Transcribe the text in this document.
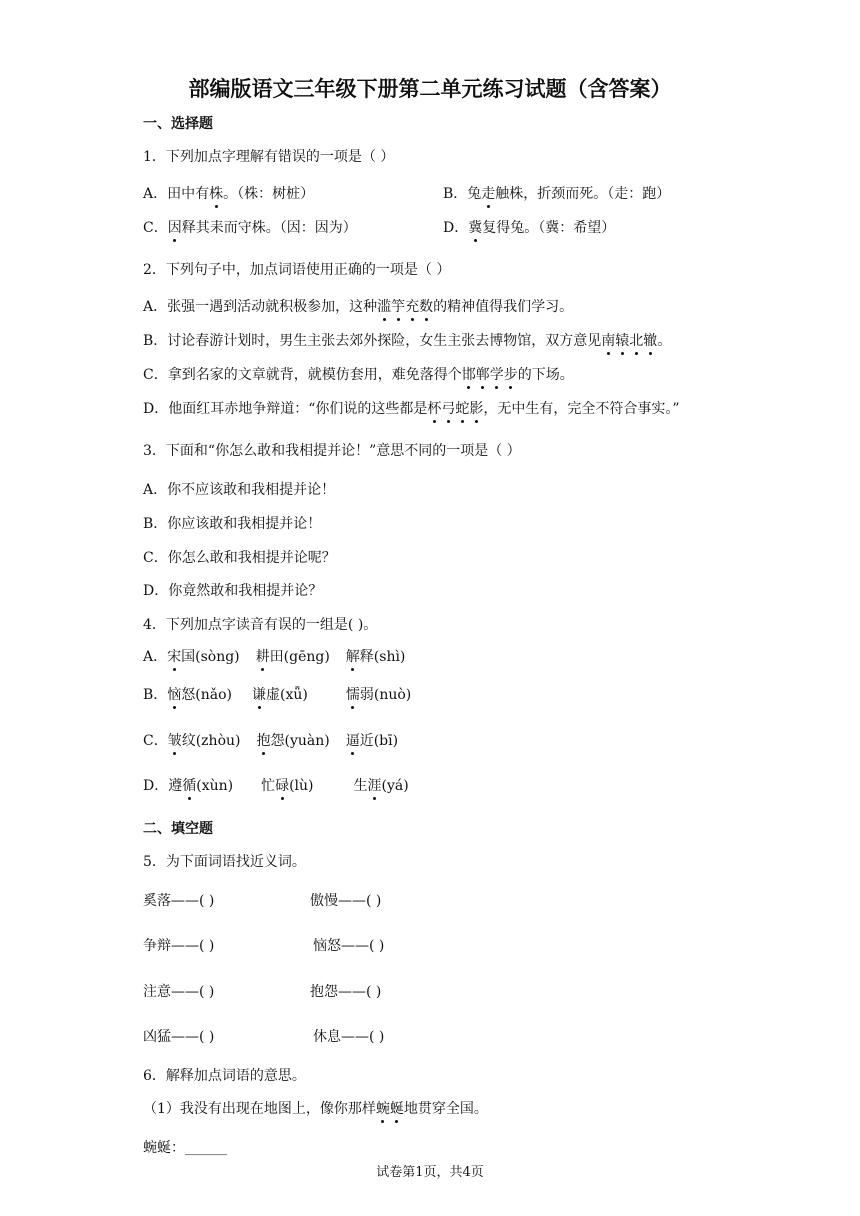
部编版语文三年级下册第二单元练习试题（含答案）
一、选择题
1．下列加点字理解有错误的一项是（ ）
A．田中有株。（株：树桩）	B．兔走触株，折颈而死。（走：跑）
C．因释其耒而守株。（因：因为）	D．冀复得兔。（冀：希望）
2．下列句子中，加点词语使用正确的一项是（ ）
A．张强一遇到活动就积极参加，这种滥竽充数的精神值得我们学习。
B．讨论春游计划时，男生主张去郊外探险，女生主张去博物馆，双方意见南辕北辙。
C．拿到名家的文章就背，就模仿套用，难免落得个邯郸学步的下场。
D．他面红耳赤地争辩道：“你们说的这些都是杯弓蛇影，无中生有，完全不符合事实。”
3．下面和“你怎么敢和我相提并论！”意思不同的一项是（ ）
A．你不应该敢和我相提并论！
B．你应该敢和我相提并论！
C．你怎么敢和我相提并论呢？
D．你竟然敢和我相提并论？
4．下列加点字读音有误的一组是( )。
A．宋国(sòng) 耕田(gēng) 解释(shì)
B．恼怒(nǎo) 谦虚(xǖ)	懦弱(nuò)
C．皱纹(zhòu) 抱怨(yuàn) 逼近(bī)
D．遵循(xùn) 忙碌(lù)	生涯(yá)
二、填空题
5．为下面词语找近义词。
奚落——( )	傲慢——( )
争辩——( )	恼怒——( )
注意——( )	抱怨——( )
凶猛——( )	休息——( )
6．解释加点词语的意思。
（1）我没有出现在地图上，像你那样蜿蜒地贯穿全国。
蜿蜒：______
试卷第1页，共4页
